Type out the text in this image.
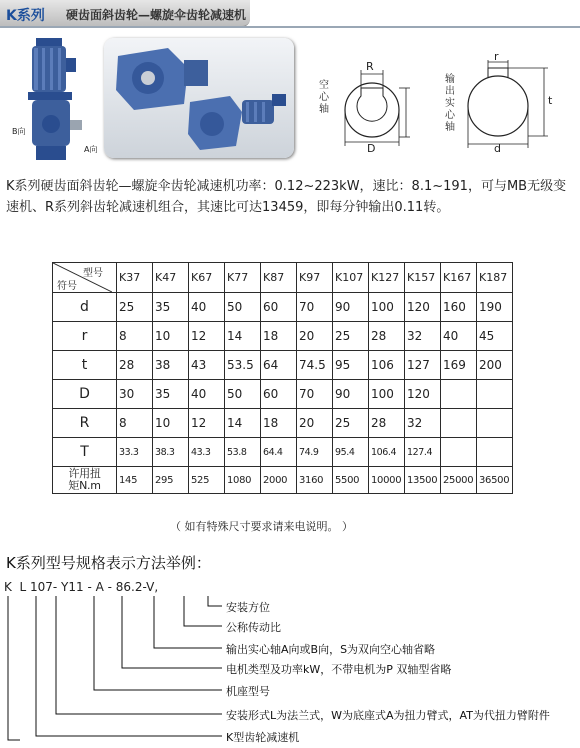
K系列 硬齿面斜齿轮—螺旋伞齿轮减速机
B向
A向
空心轴
R
D
输出实心轴
r
t
d
K系列硬齿面斜齿轮—螺旋伞齿轮减速机功率：0.12~223kW，速比：8.1~191，可与MB无级变速机、R系列斜齿轮减速机组合，其速比可达13459，即每分钟输出0.11转。
符号
型号	K37	K47	K67	K77	K87	K97	K107	K127	K157	K167	K187
d	25	35	40	50	60	70	90	100	120	160	190
r	8	10	12	14	18	20	25	28	32	40	45
t	28	38	43	53.5	64	74.5	95	106	127	169	200
D	30	35	40	50	60	70	90	100	120		
R	8	10	12	14	18	20	25	28	32		
T	33.3	38.3	43.3	53.8	64.4	74.9	95.4	106.4	127.4		

许用扭
矩N.m	145	295	525	1080	2000	3160	5500	10000	13500	25000	36500
（ 如有特殊尺寸要求请来电说明。 ）
K系列型号规格表示方法举例：
K  L 107- Y11 - A - 86.2-V,
安装方位
公称传动比
输出实心轴A向或B向，S为双向空心轴省略
电机类型及功率kW，不带电机为P 双轴型省略
机座型号
安装形式L为法兰式，W为底座式A为扭力臂式，AT为代扭力臂附件
K型齿轮减速机
